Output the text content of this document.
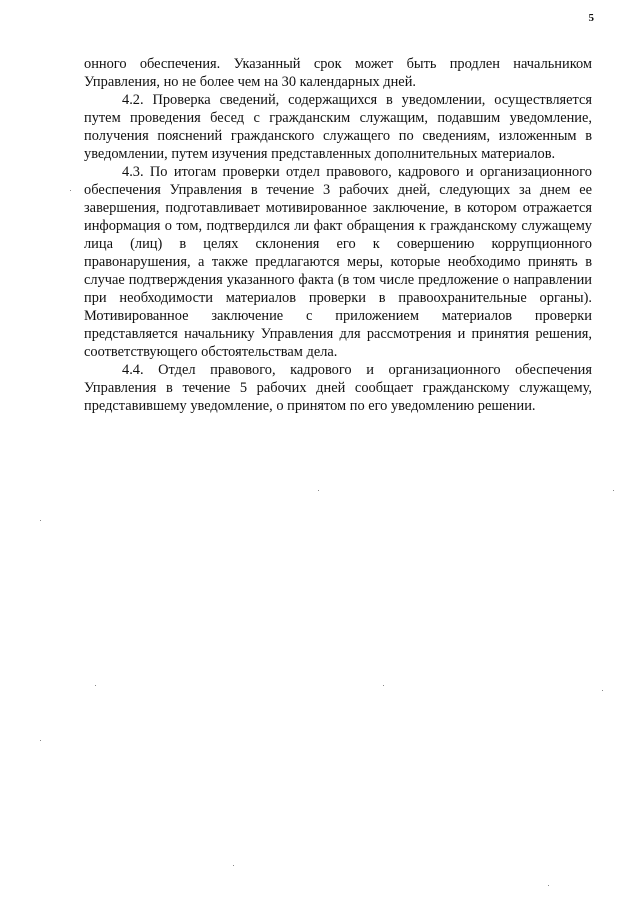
5

онного обеспечения. Указанный срок может быть продлен начальником Управления, но не более чем на 30 календарных дней.

4.2. Проверка сведений, содержащихся в уведомлении, осуществляется путем проведения бесед с гражданским служащим, подавшим уведомление, получения пояснений гражданского служащего по сведениям, изложенным в уведомлении, путем изучения представленных дополнительных материалов.

4.3. По итогам проверки отдел правового, кадрового и организационного обеспечения Управления в течение 3 рабочих дней, следующих за днем ее завершения, подготавливает мотивированное заключение, в котором отражается информация о том, подтвердился ли факт обращения к гражданскому служащему лица (лиц) в целях склонения его к совершению коррупционного правонарушения, а также предлагаются меры, которые необходимо принять в случае подтверждения указанного факта (в том числе предложение о направлении при необходимости материалов проверки в правоохранительные органы). Мотивированное заключение с приложением материалов проверки представляется начальнику Управления для рассмотрения и принятия решения, соответствующего обстоятельствам дела.

4.4. Отдел правового, кадрового и организационного обеспечения Управления в течение 5 рабочих дней сообщает гражданскому служащему, представившему уведомление, о принятом по его уведомлению решении.
